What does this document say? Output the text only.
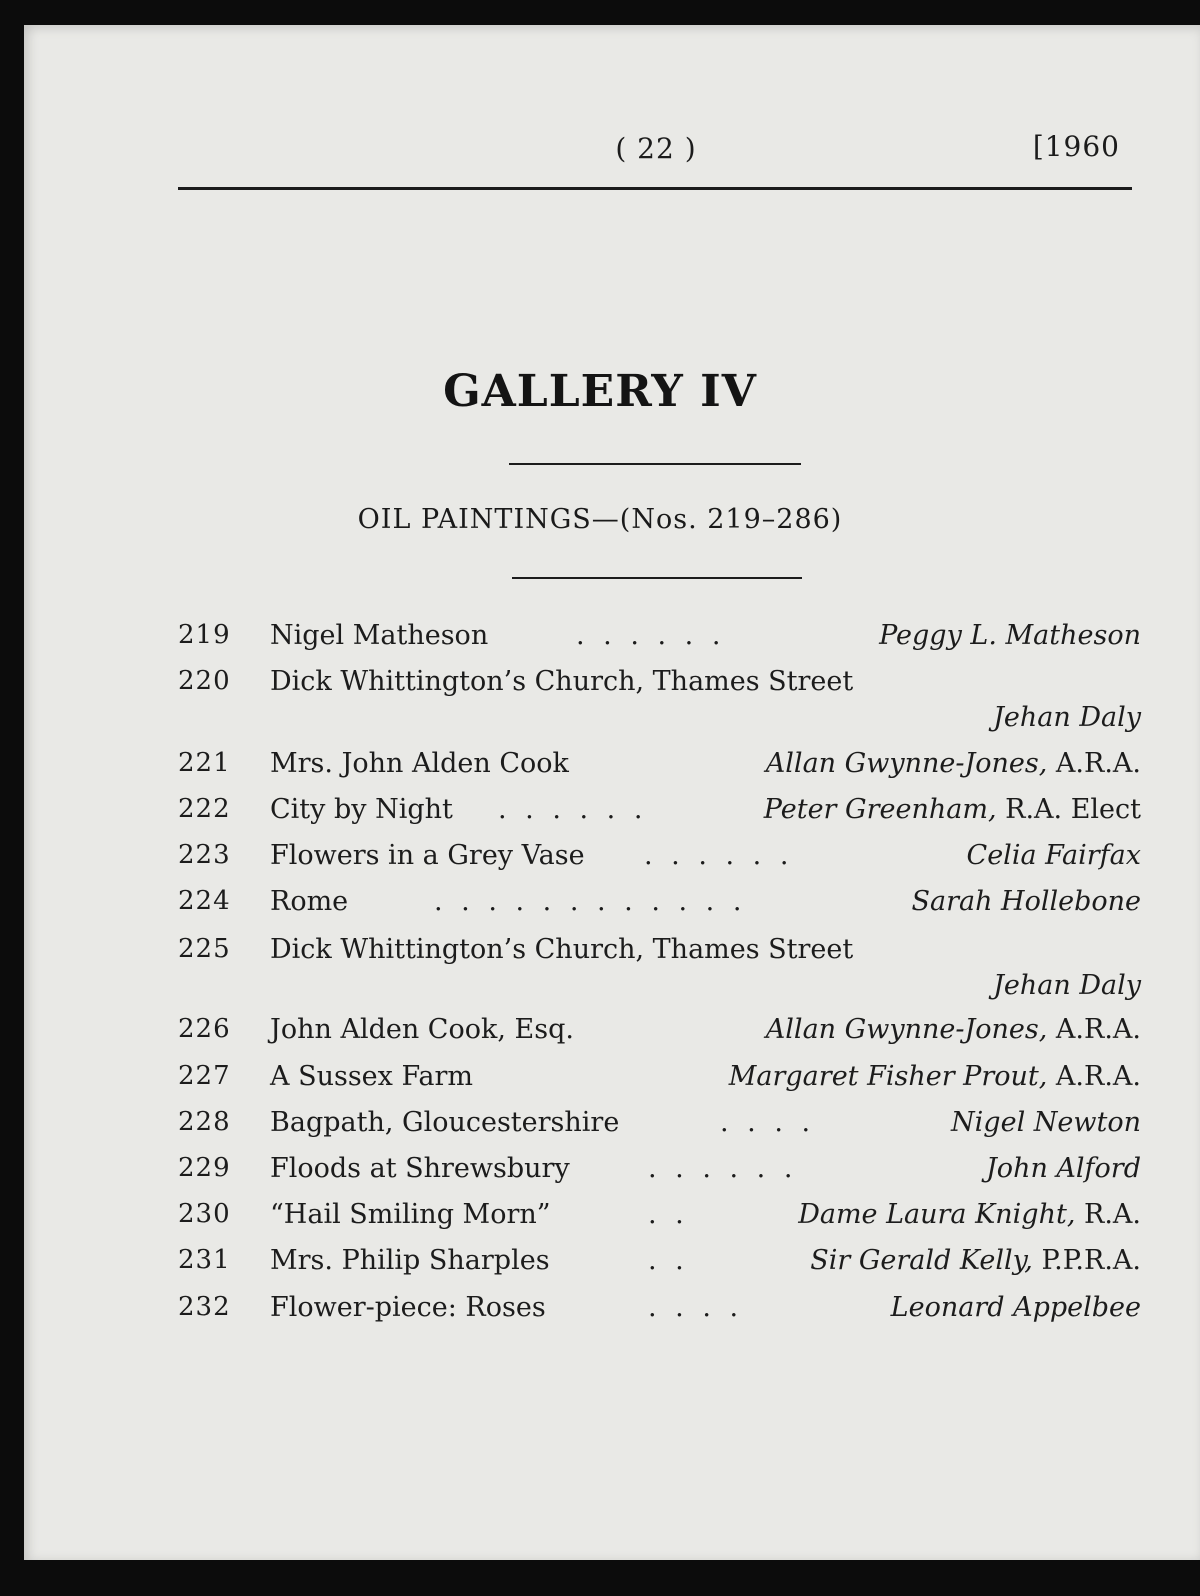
( 22 )	[1960
GALLERY IV
OIL PAINTINGS—(Nos. 219–286)
219	Nigel Matheson	. . . . . .	Peggy L. Matheson
220	Dick Whittington’s Church, Thames Street
Jehan Daly
221	Mrs. John Alden Cook	Allan Gwynne-Jones, A.R.A.
222	City by Night . . . . . .	Peter Greenham, R.A. Elect
223	Flowers in a Grey Vase . . . . . .	Celia Fairfax
224	Rome	. . . . . . . . . . . .	Sarah Hollebone
225	Dick Whittington’s Church, Thames Street
Jehan Daly
226	John Alden Cook, Esq.	Allan Gwynne-Jones, A.R.A.
227	A Sussex Farm	Margaret Fisher Prout, A.R.A.
228	Bagpath, Gloucestershire	. . . .	Nigel Newton
229	Floods at Shrewsbury	. . . . . .	John Alford
230	“Hail Smiling Morn”	. .	Dame Laura Knight, R.A.
231	Mrs. Philip Sharples	. .	Sir Gerald Kelly, P.P.R.A.
232	Flower-piece: Roses	. . . .	Leonard Appelbee
